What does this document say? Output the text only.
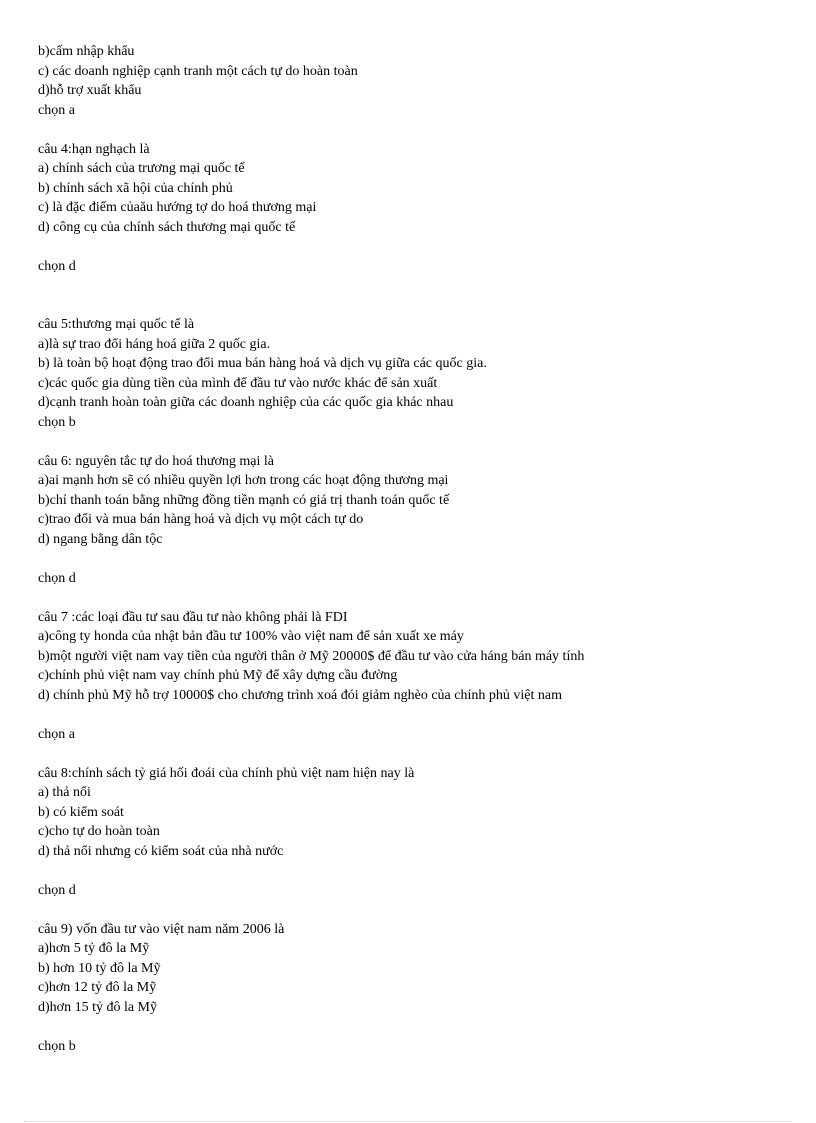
b)cấm nhập khẩu
c) các doanh nghiệp cạnh tranh một cách tự do hoàn toàn
d)hỗ trợ xuất khẩu
chọn a
câu 4:hạn nghạch là
a) chính sách của trương mại quốc tế
b) chính sách xã hội của chính phủ
c) là đặc điểm củaău hướng tợ do hoá thương mại
d) công cụ của chính sách thương mại quốc tế
chọn d
câu 5:thương mại quốc tế là
a)là sự trao đổi háng hoá giữa 2 quốc gia.
b) là toàn bộ hoạt động trao đổi mua bán hàng hoá và dịch vụ giữa các quốc gia.
c)các quốc gia dùng tiền của mình để đầu tư vào nước khác để sản xuất
d)cạnh tranh hoàn toàn giữa các doanh nghiệp của các quốc gia khác nhau
chọn b
câu 6: nguyên tắc tự do hoá thương mại là
a)ai mạnh hơn sẽ có nhiều quyền lợi hơn trong các hoạt động thương mại
b)chỉ thanh toán bằng những đồng tiền mạnh có giá trị thanh toán quốc tế
c)trao đổi và mua bán hàng hoá và dịch vụ một cách tự do
d) ngang bằng dân tộc
chọn d
câu 7 :các loại đầu tư sau đầu tư nào không phải là FDI
a)công ty honda của nhật bản đầu tư 100% vào việt nam để sản xuất xe máy
b)một người việt nam vay tiền của người thân ở Mỹ 20000$ để đầu tư vào cửa háng bán máy tính
c)chính phủ việt nam vay chính phủ Mỹ để xây dựng cầu đường
d) chính phủ Mỹ hỗ trợ 10000$ cho chương trình xoá đói giảm nghèo của chính phủ việt nam
chọn a
câu 8:chính sách tỷ giá hối đoái của chính phủ việt nam hiện nay là
a) thả nổi
b) có kiểm soát
c)cho tự do hoàn toàn
d) thả nổi nhưng có kiểm soát của nhà nước
chọn d
câu 9) vốn đầu tư vào việt nam năm 2006 là
a)hơn 5 tỷ đô la Mỹ
b) hơn 10 tỷ đô la Mỹ
c)hơn 12 tỷ đô la Mỹ
d)hơn 15 tỷ đô la Mỹ
chọn b
